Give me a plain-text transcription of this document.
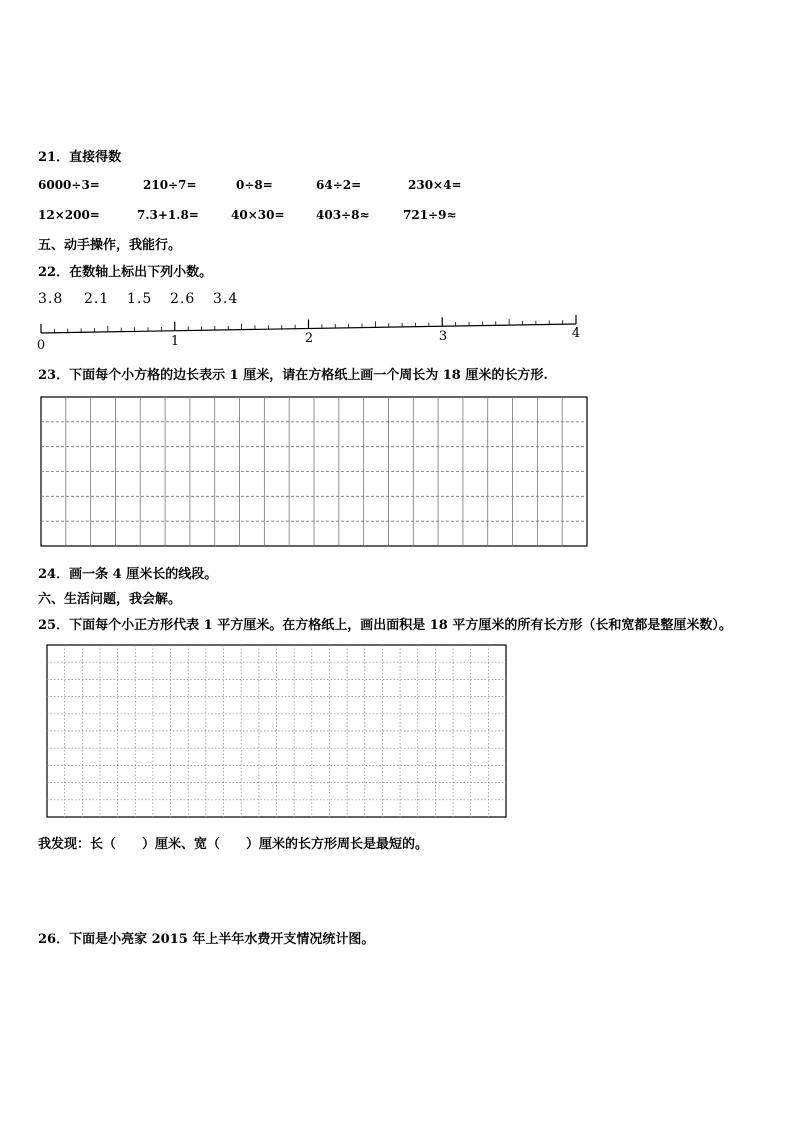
21．直接得数
6000÷3=	210÷7=	0÷8=	64÷2=	230×4=
12×200=	7.3+1.8=	40×30=	403÷8≈	721÷9≈
五、动手操作，我能行。
22．在数轴上标出下列小数。
3.8 2.1 1.5 2.6 3.4
0	1	2	3	4
23．下面每个小方格的边长表示 1 厘米，请在方格纸上画一个周长为 18 厘米的长方形.
24．画一条 4 厘米长的线段。
六、生活问题，我会解。
25．下面每个小正方形代表 1 平方厘米。在方格纸上，画出面积是 18 平方厘米的所有长方形（长和宽都是整厘米数）。
我发现：长（ ）厘米、宽（ ）厘米的长方形周长是最短的。
26．下面是小亮家 2015 年上半年水费开支情况统计图。
